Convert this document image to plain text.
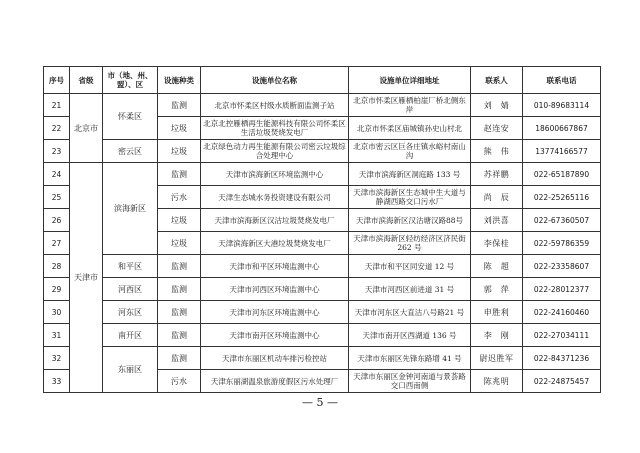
序号	省级	市（地、州、盟）、区	设施种类	设施单位名称	设施单位详细地址	联系人	联系电话
21	北京市	怀柔区	监测	北京市怀柔区村级水质断面监测子站	北京市怀柔区雁栖柏崖厂桥北侧东岸	刘　婧	010-89683114
22			垃圾	北京北控雁栖再生能源科技有限公司怀柔区生活垃圾焚烧发电厂	北京市怀柔区庙城镇孙史山村北	赵连安	18600667867
23		密云区	垃圾	北京绿色动力再生能源有限公司密云垃圾综合处理中心	北京市密云区巨各庄镇水峪村南山沟	熊　伟	13774166577
24	天津市	滨海新区	监测	天津市滨海新区环境监测中心	天津市滨海新区洞庭路 133 号	苏祥鹏	022-65187890
25			污水	天津生态城水务投资建设有限公司	天津市滨海新区生态城中生大道与静湖西路交口污水厂	尚　辰	022-25265116
26			垃圾	天津市滨海新区汉沽垃圾焚烧发电厂	天津市滨海新区汉沽塘汉路88号	刘洪喜	022-67360507
27			垃圾	天津滨海新区大港垃圾焚烧发电厂	天津市滨海新区轻纺经济区济民街 262 号	李保桂	022-59786359
28		和平区	监测	天津市和平区环境监测中心	天津市和平区同安道 12 号	陈　超	022-23358607
29		河西区	监测	天津市河西区环境监测中心	天津市河西区前进道 31 号	郭　萍	022-28012377
30		河东区	监测	天津市河东区环境监测中心	天津市河东区大直沽八号路21 号	申胜利	022-24160460
31		南开区	监测	天津市南开区环境监测中心	天津市南开区西湖道 136 号	李　刚	022-27034111
32		东丽区	监测	天津市东丽区机动车排污检控站	天津市东丽区先锋东路增 41 号	尉迟胜军	022-84371236
33			污水	天津东丽湖温泉旅游度假区污水处理厂	天津市东丽区金钟河南道与景荟路交口西南侧	陈兆明	022-24875457
— 5 —
